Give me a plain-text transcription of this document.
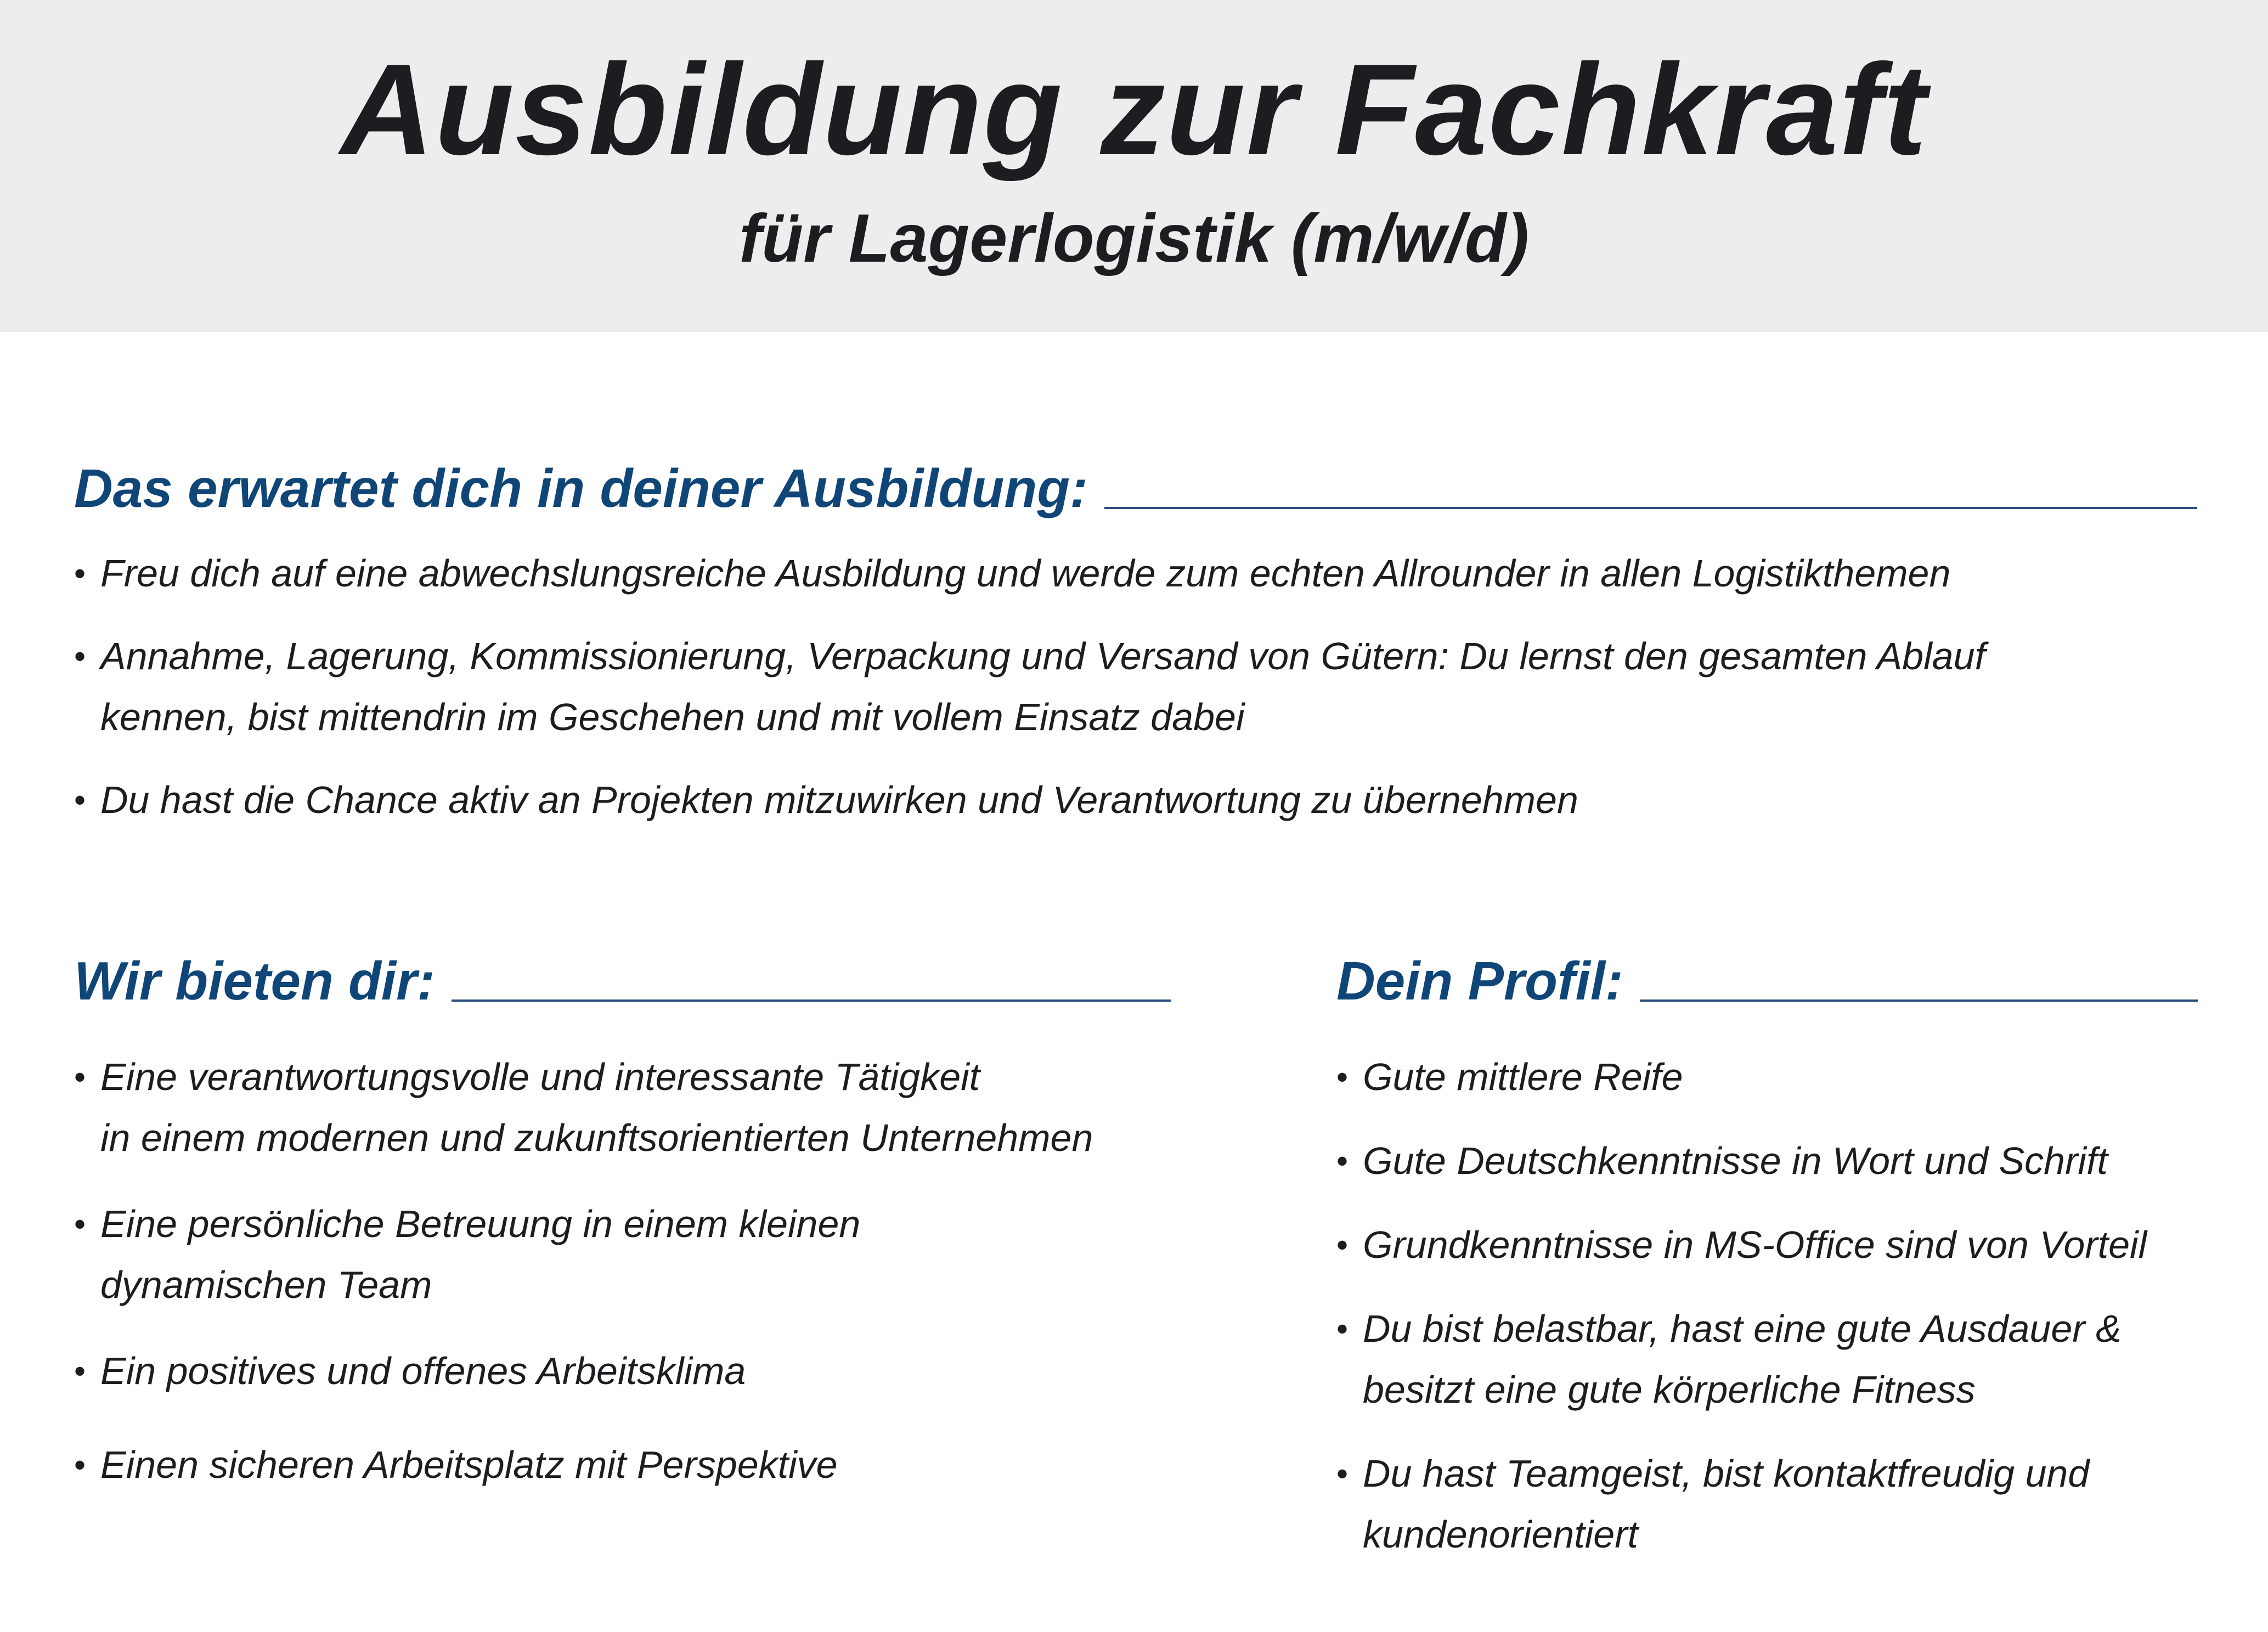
Ausbildung zur Fachkraft
für Lagerlogistik (m/w/d)
Das erwartet dich in deiner Ausbildung:
• Freu dich auf eine abwechslungsreiche Ausbildung und werde zum echten Allrounder in allen Logistikthemen
• Annahme, Lagerung, Kommissionierung, Verpackung und Versand von Gütern: Du lernst den gesamten Ablauf
kennen, bist mittendrin im Geschehen und mit vollem Einsatz dabei
• Du hast die Chance aktiv an Projekten mitzuwirken und Verantwortung zu übernehmen
Wir bieten dir:
• Eine verantwortungsvolle und interessante Tätigkeit
in einem modernen und zukunftsorientierten Unternehmen
• Eine persönliche Betreuung in einem kleinen
dynamischen Team
• Ein positives und offenes Arbeitsklima
• Einen sicheren Arbeitsplatz mit Perspektive
Dein Profil:
• Gute mittlere Reife
• Gute Deutschkenntnisse in Wort und Schrift
• Grundkenntnisse in MS-Office sind von Vorteil
• Du bist belastbar, hast eine gute Ausdauer &
besitzt eine gute körperliche Fitness
• Du hast Teamgeist, bist kontaktfreudig und
kundenorientiert
